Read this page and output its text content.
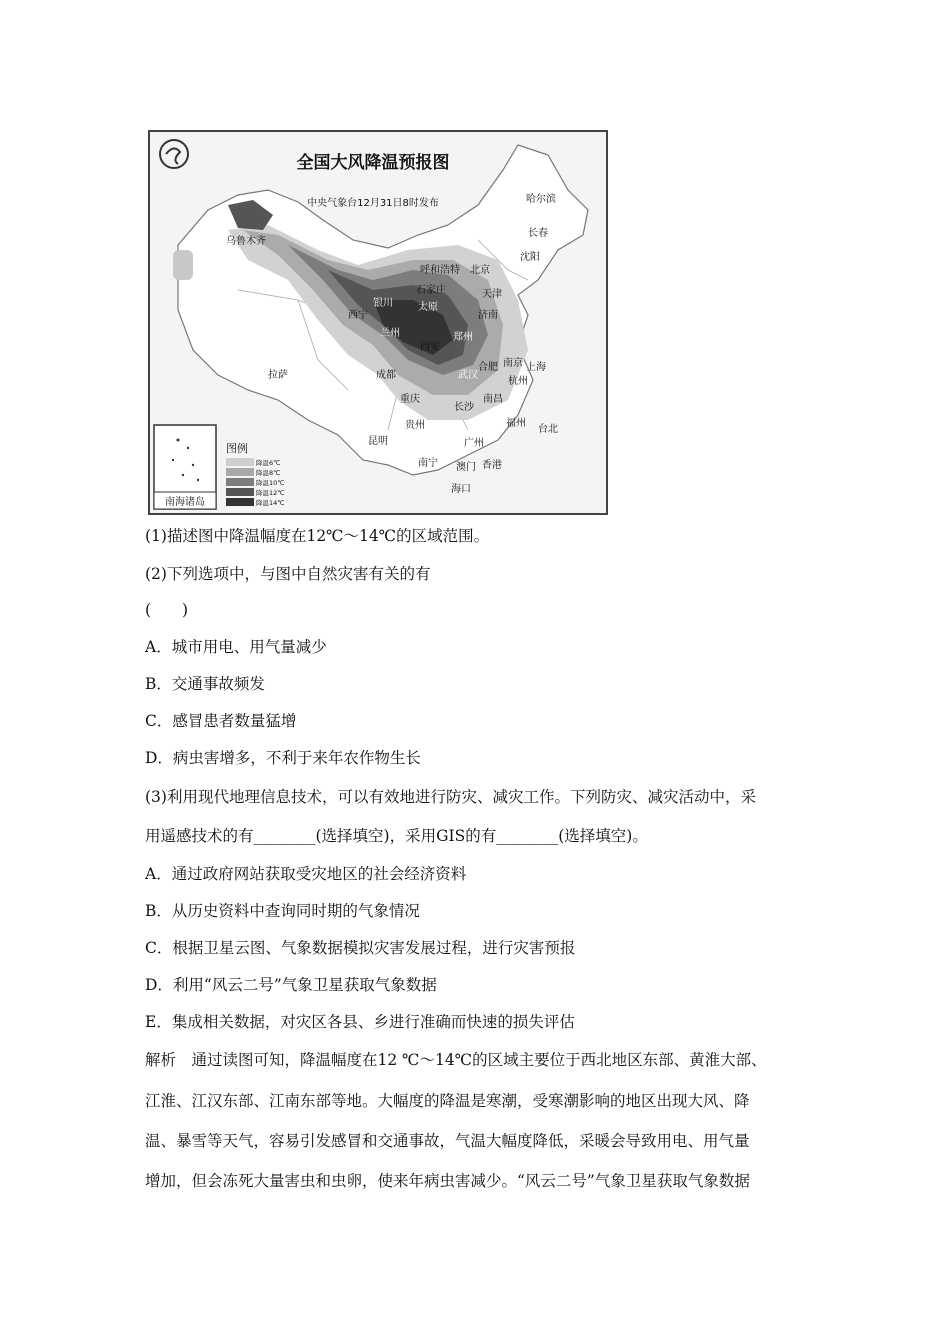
全国大风降温预报图
中央气象台12月31日8时发布	哈尔滨
长春
沈阳
乌鲁木齐
呼和浩特 北京
石家庄	天津
银川	太原
济南
西宁
兰州	郑州
西安
南京
合肥	上海
武汉
杭州
拉萨	成都
重庆
长沙
南昌
贵州	福州
台北
昆明	广州
南宁 澳门 香港
海口
南海诸岛
图例
降温6℃
降温8℃
降温10℃
降温12℃
降温14℃
(1)描述图中降温幅度在12℃～14℃的区域范围。
(2)下列选项中，与图中自然灾害有关的有
(　　)
A．城市用电、用气量减少
B．交通事故频发
C．感冒患者数量猛增
D．病虫害增多，不利于来年农作物生长
(3)利用现代地理信息技术，可以有效地进行防灾、减灾工作。下列防灾、减灾活动中，采
用遥感技术的有________(选择填空)，采用GIS的有________(选择填空)。
A．通过政府网站获取受灾地区的社会经济资料
B．从历史资料中查询同时期的气象情况
C．根据卫星云图、气象数据模拟灾害发展过程，进行灾害预报
D．利用“风云二号”气象卫星获取气象数据
E．集成相关数据，对灾区各县、乡进行准确而快速的损失评估
解析　通过读图可知，降温幅度在12 ℃～14℃的区域主要位于西北地区东部、黄淮大部、
江淮、江汉东部、江南东部等地。大幅度的降温是寒潮，受寒潮影响的地区出现大风、降
温、暴雪等天气，容易引发感冒和交通事故，气温大幅度降低，采暖会导致用电、用气量
增加，但会冻死大量害虫和虫卵，使来年病虫害减少。“风云二号”气象卫星获取气象数据
